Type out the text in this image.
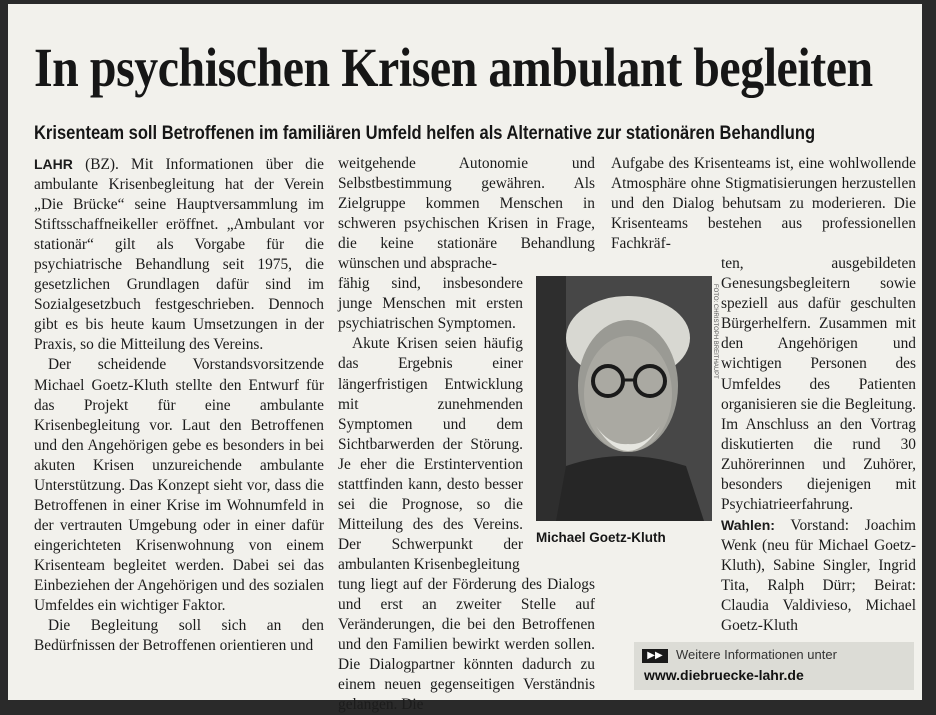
In psychischen Krisen ambulant begleiten
Krisenteam soll Betroffenen im familiären Umfeld helfen als Alternative zur stationären Behandlung

LAHR (BZ). Mit Informationen über die ambulante Krisenbegleitung hat der Verein „Die Brücke“ seine Hauptversammlung im Stiftsschaffneikeller eröffnet. „Ambulant vor stationär“ gilt als Vorgabe für die psychiatrische Behandlung seit 1975, die gesetzlichen Grundlagen dafür sind im Sozialgesetzbuch festgeschrieben. Dennoch gibt es bis heute kaum Umsetzungen in der Praxis, so die Mitteilung des Vereins.

Der scheidende Vorstandsvorsitzende Michael Goetz-Kluth stellte den Entwurf für das Projekt für eine ambulante Krisenbegleitung vor. Laut den Betroffenen und den Angehörigen gebe es besonders in bei akuten Krisen unzureichende ambulante Unterstützung. Das Konzept sieht vor, dass die Betroffenen in einer Krise im Wohnumfeld in der vertrauten Umgebung oder in einer dafür eingerichteten Krisenwohnung von einem Krisenteam begleitet werden. Dabei sei das Einbeziehen der Angehörigen und des sozialen Umfeldes ein wichtiger Faktor.

Die Begleitung soll sich an den Bedürfnissen der Betroffenen orientieren und

weitgehende Autonomie und Selbstbestimmung gewähren. Als Zielgruppe kommen Menschen in schweren psychischen Krisen in Frage, die keine stationäre Behandlung wünschen und absprache-

fähig sind, insbesondere junge Menschen mit ersten psychiatrischen Symptomen.

Akute Krisen seien häufig das Ergebnis einer längerfristigen Entwicklung mit zunehmenden Symptomen und dem Sichtbarwerden der Störung. Je eher die Erstintervention stattfinden kann, desto besser sei die Prognose, so die Mitteilung des des Vereins. Der Schwerpunkt der ambulanten Krisenbegleitung

tung liegt auf der Förderung des Dialogs und erst an zweiter Stelle auf Veränderungen, die bei den Betroffenen und den Familien bewirkt werden sollen. Die Dialogpartner könnten dadurch zu einem neuen gegenseitigen Verständnis gelangen. Die

Aufgabe des Krisenteams ist, eine wohlwollende Atmosphäre ohne Stigmatisierungen herzustellen und den Dialog behutsam zu moderieren. Die Krisenteams bestehen aus professionellen Fachkräf-

ten, ausgebildeten Genesungsbegleitern sowie speziell aus dafür geschulten Bürgerhelfern. Zusammen mit den Angehörigen und wichtigen Personen des Umfeldes des Patienten organisieren sie die Begleitung. Im Anschluss an den Vortrag diskutierten die rund 30 Zuhörerinnen und Zuhörer, besonders diejenigen mit Psychiatrieerfahrung.

Wahlen: Vorstand: Joachim Wenk (neu für Michael Goetz-Kluth), Sabine Singler, Ingrid Tita, Ralph Dürr; Beirat: Claudia Valdivieso, Michael Goetz-Kluth

FOTO: CHRISTOPH BREITHAUPT
Michael Goetz-Kluth
▶▶	Weitere Informationen unter
www.diebruecke-lahr.de
